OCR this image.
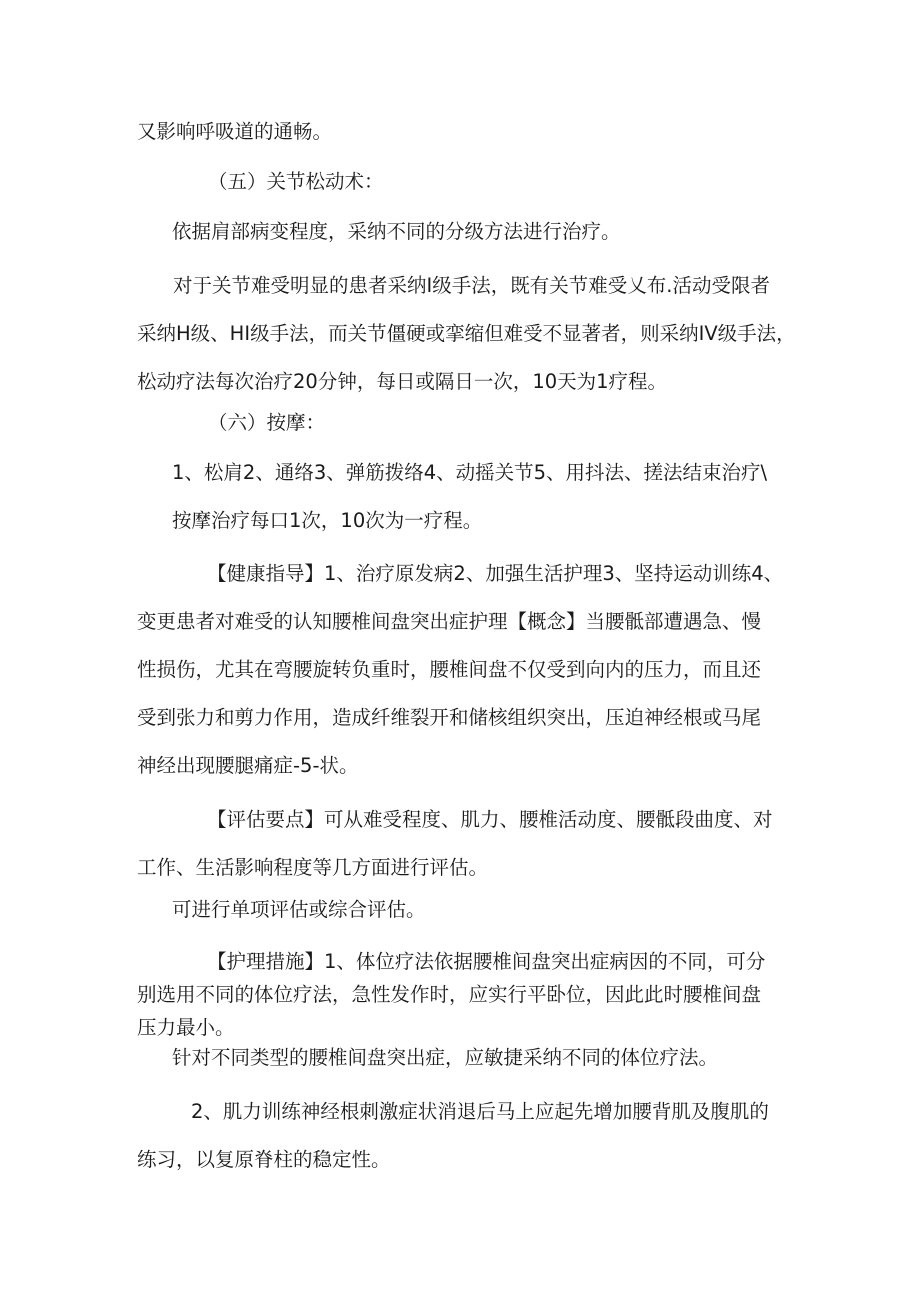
又影响呼吸道的通畅。

（五）关节松动术：

依据肩部病变程度，采纳不同的分级方法进行治疗。

对于关节难受明显的患者采纳I级手法，既有关节难受乂布.活动受限者
采纳H级、HI级手法，而关节僵硬或挛缩但难受不显著者，则采纳IV级手法，
松动疗法每次治疗20分钟，每日或隔日一次，10天为1疗程。

（六）按摩：

1、松肩2、通络3、弹筋拨络4、动摇关节5、用抖法、搓法结束治疗\

按摩治疗每口1次，10次为一疗程。

【健康指导】1、治疗原发病2、加强生活护理3、坚持运动训练4、
变更患者对难受的认知腰椎间盘突出症护理【概念】当腰骶部遭遇急、慢
性损伤，尤其在弯腰旋转负重时，腰椎间盘不仅受到向内的压力，而且还
受到张力和剪力作用，造成纤维裂开和储核组织突出，压迫神经根或马尾
神经出现腰腿痛症-5-状。
【评估要点】可从难受程度、肌力、腰椎活动度、腰骶段曲度、对
工作、生活影响程度等几方面进行评估。

可进行单项评估或综合评估。

【护理措施】1、体位疗法依据腰椎间盘突出症病因的不同，可分
别选用不同的体位疗法，急性发作时，应实行平卧位，因此此时腰椎间盘
压力最小。

针对不同类型的腰椎间盘突出症，应敏捷采纳不同的体位疗法。

2、肌力训练神经根刺激症状消退后马上应起先增加腰背肌及腹肌的
练习，以复原脊柱的稳定性。
